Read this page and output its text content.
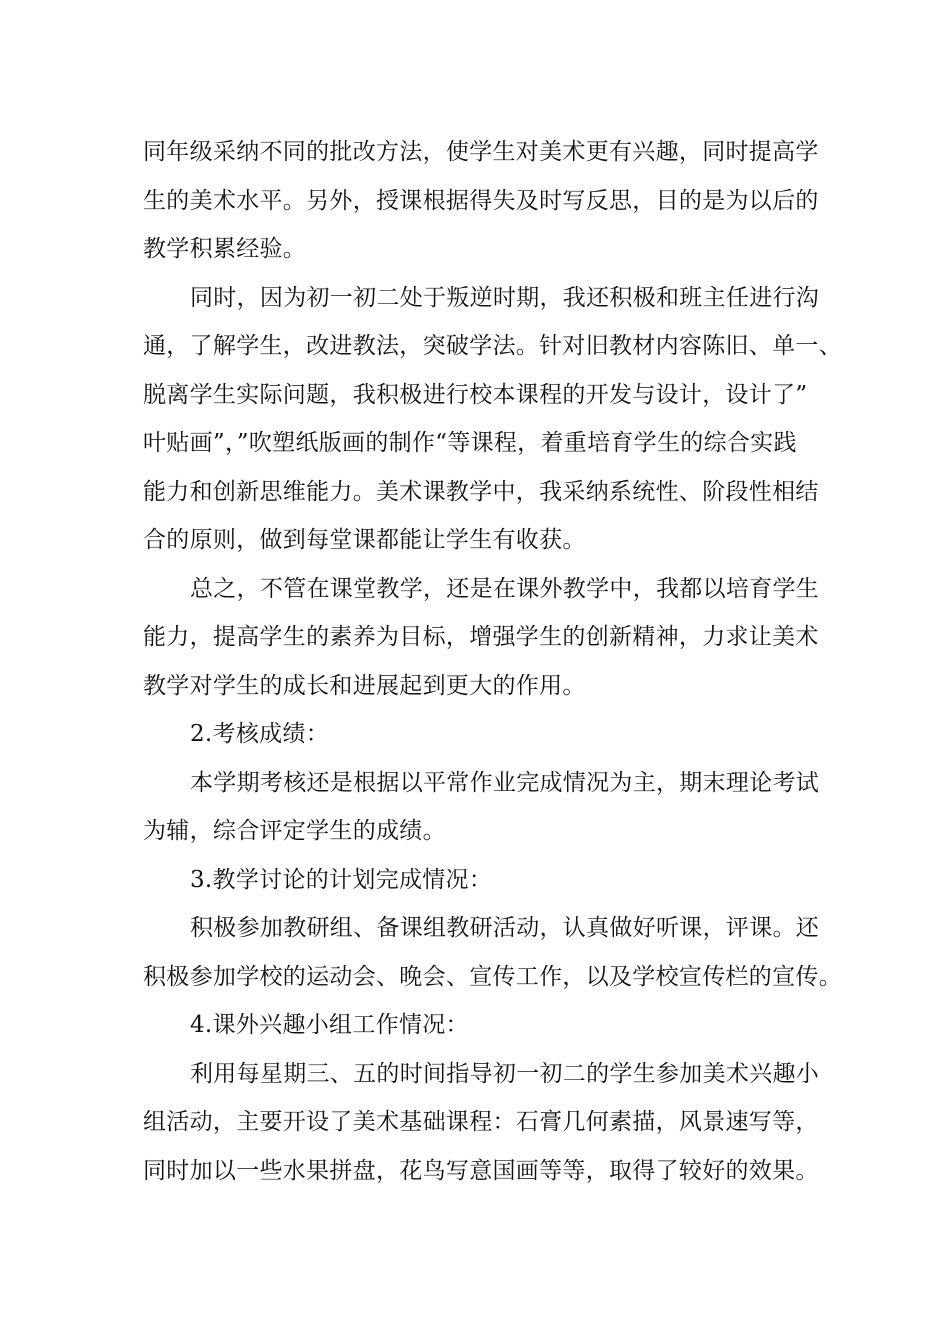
同年级采纳不同的批改方法，使学生对美术更有兴趣，同时提高学
生的美术水平。另外，授课根据得失及时写反思，目的是为以后的
教学积累经验。
同时，因为初一初二处于叛逆时期，我还积极和班主任进行沟
通，了解学生，改进教法，突破学法。针对旧教材内容陈旧、单一、
脱离学生实际问题，我积极进行校本课程的开发与设计，设计了”
叶贴画”，”吹塑纸版画的制作“等课程，着重培育学生的综合实践
能力和创新思维能力。美术课教学中，我采纳系统性、阶段性相结
合的原则，做到每堂课都能让学生有收获。
总之，不管在课堂教学，还是在课外教学中，我都以培育学生
能力，提高学生的素养为目标，增强学生的创新精神，力求让美术
教学对学生的成长和进展起到更大的作用。
2.考核成绩：
本学期考核还是根据以平常作业完成情况为主，期末理论考试
为辅，综合评定学生的成绩。
3.教学讨论的计划完成情况：
积极参加教研组、备课组教研活动，认真做好听课，评课。还
积极参加学校的运动会、晚会、宣传工作，以及学校宣传栏的宣传。
4.课外兴趣小组工作情况：
利用每星期三、五的时间指导初一初二的学生参加美术兴趣小
组活动，主要开设了美术基础课程：石膏几何素描，风景速写等，
同时加以一些水果拼盘，花鸟写意国画等等，取得了较好的效果。
